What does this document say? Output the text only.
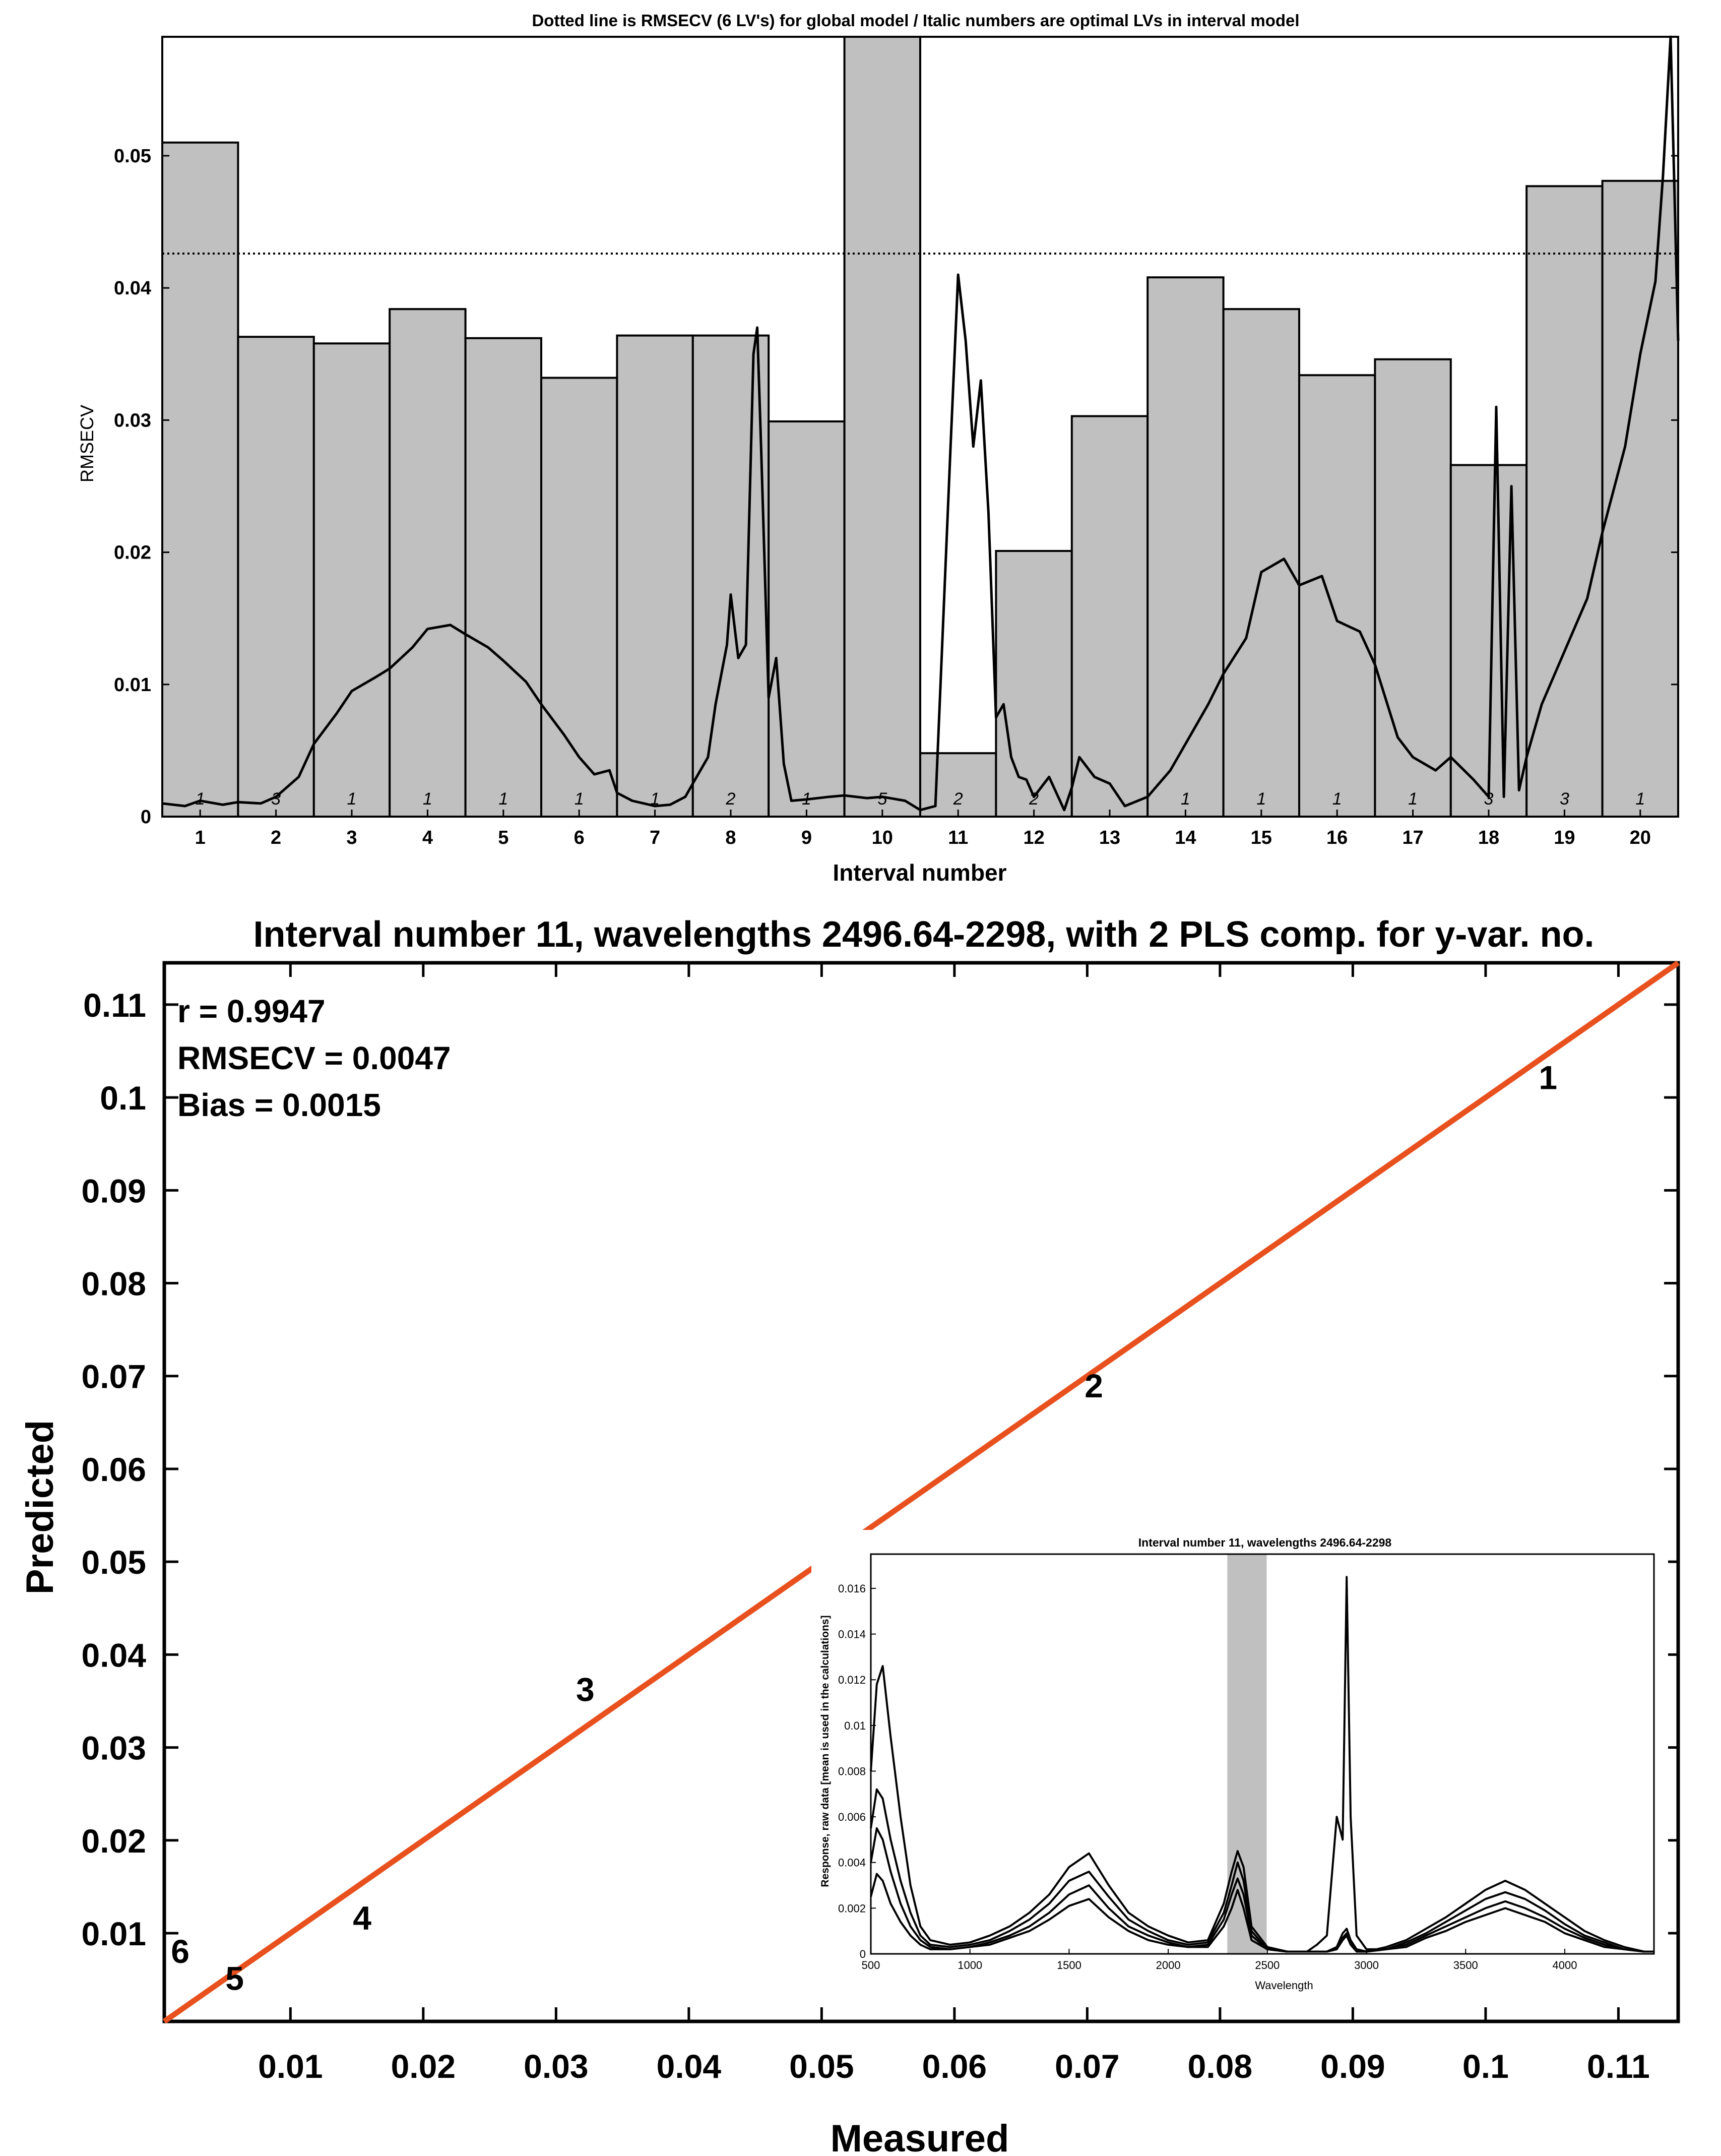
Dotted line is RMSECV (6 LV's) for global model / Italic numbers are optimal LVs in interval model
1	3	1	1	1	1	1	2	1	5	2	2	1	1	1	1	3	3	1
1	2	3	4	5	6	7	8	9	10	11	12	13	14	15	16	17	18	19	20
0
0.01
0.02
0.03
0.04
0.05
Interval number
RMSECV
Interval number 11, wavelengths 2496.64-2298, with 2 PLS comp. for y-var. no.
1
2
3
4
5
6
r = 0.9947
RMSECV = 0.0047
Bias = 0.0015
0.01 0.02 0.03 0.04 0.05 0.06 0.07 0.08 0.09 0.1 0.11
0.01
0.02
0.03
0.04
0.05
0.06
0.07
0.08
0.09
0.1
0.11
Measured
Predicted	Interval number 11, wavelengths 2496.64-2298
500	1000	1500	2000	2500	3000	3500	4000
0
0.002
0.004
0.006
0.008
0.01
0.012
0.014
0.016
Wavelength
Response, raw data [mean is used in the calculations]
